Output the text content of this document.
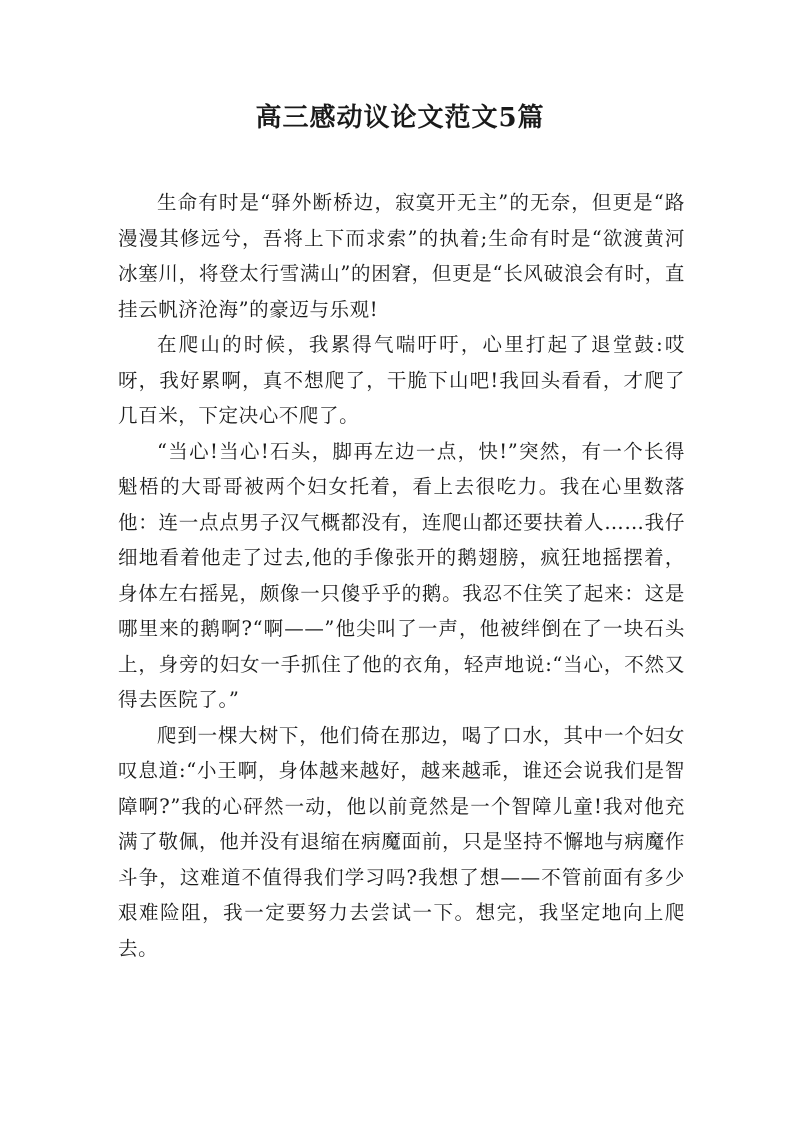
高三感动议论文范文5篇

生命有时是“驿外断桥边，寂寞开无主”的无奈，但更是“路漫漫其修远兮，吾将上下而求索”的执着;生命有时是“欲渡黄河冰塞川，将登太行雪满山”的困窘，但更是“长风破浪会有时，直挂云帆济沧海”的豪迈与乐观!

在爬山的时候，我累得气喘吁吁，心里打起了退堂鼓:哎呀，我好累啊，真不想爬了，干脆下山吧!我回头看看，才爬了几百米，下定决心不爬了。

“当心!当心!石头，脚再左边一点，快!”突然，有一个长得魁梧的大哥哥被两个妇女托着，看上去很吃力。我在心里数落他：连一点点男子汉气概都没有，连爬山都还要扶着人……我仔细地看着他走了过去,他的手像张开的鹅翅膀，疯狂地摇摆着，身体左右摇晃，颇像一只傻乎乎的鹅。我忍不住笑了起来：这是哪里来的鹅啊?“啊——”他尖叫了一声，他被绊倒在了一块石头上，身旁的妇女一手抓住了他的衣角，轻声地说:“当心，不然又得去医院了。”

爬到一棵大树下，他们倚在那边，喝了口水，其中一个妇女叹息道:“小王啊，身体越来越好，越来越乖，谁还会说我们是智障啊?”我的心砰然一动，他以前竟然是一个智障儿童!我对他充满了敬佩，他并没有退缩在病魔面前，只是坚持不懈地与病魔作斗争，这难道不值得我们学习吗?我想了想——不管前面有多少艰难险阻，我一定要努力去尝试一下。想完，我坚定地向上爬去。
